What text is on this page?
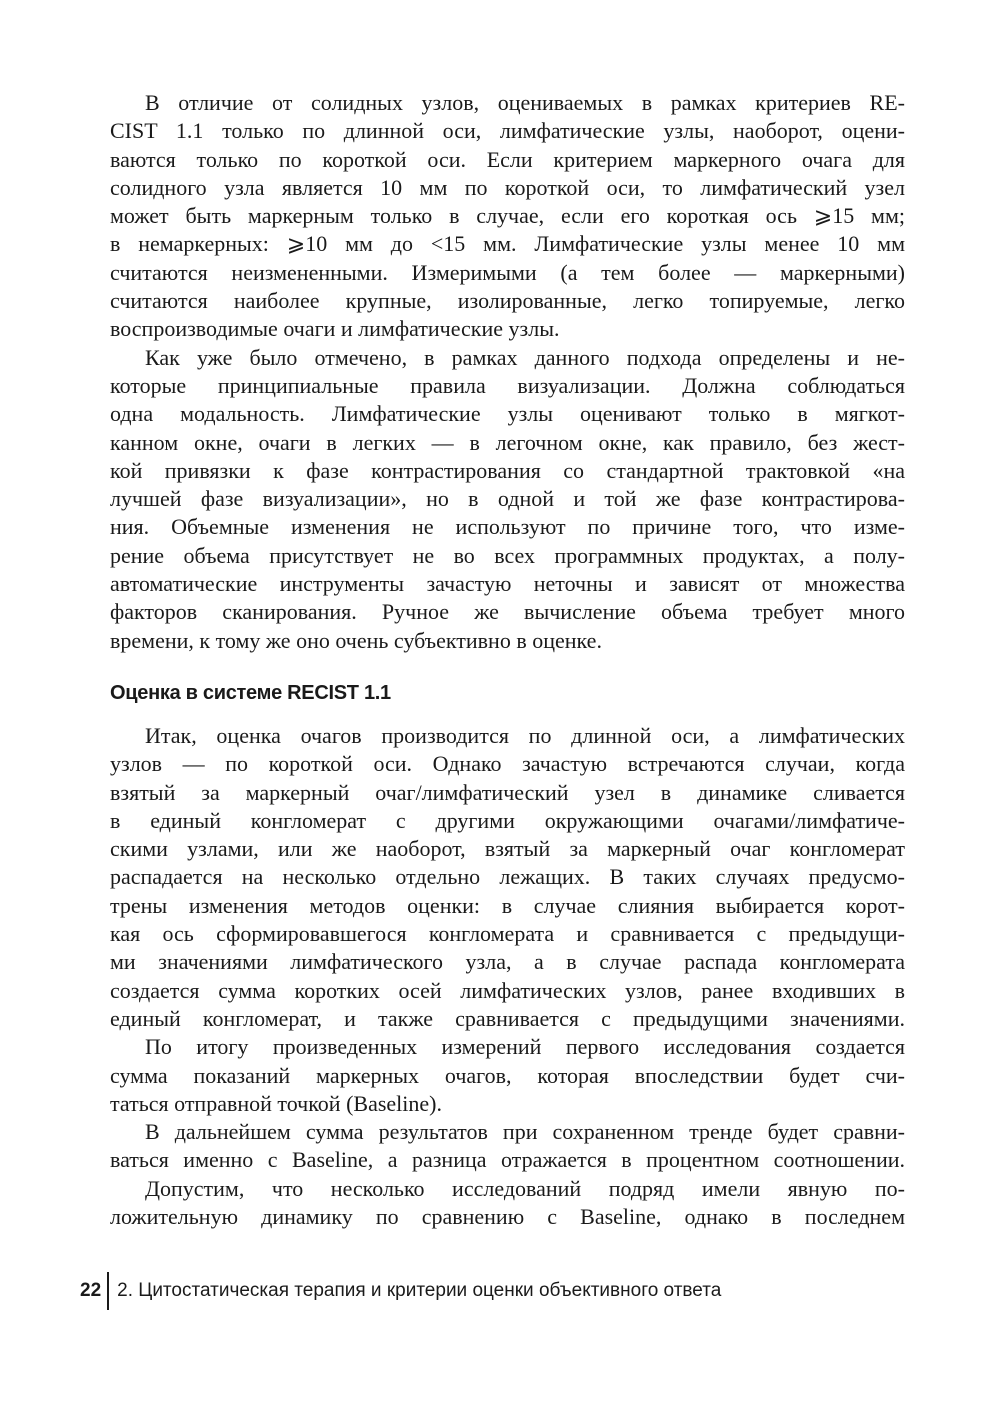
В отличие от солидных узлов, оцениваемых в рамках критериев RE-
CIST 1.1 только по длинной оси, лимфатические узлы, наоборот, оцени-
ваются только по короткой оси. Если критерием маркерного очага для
солидного узла является 10 мм по короткой оси, то лимфатический узел
может быть маркерным только в случае, если его короткая ось ⩾15 мм;
в немаркерных: ⩾10 мм до <15 мм. Лимфатические узлы менее 10 мм
считаются неизмененными. Измеримыми (а тем более — маркерными)
считаются наиболее крупные, изолированные, легко топируемые, легко
воспроизводимые очаги и лимфатические узлы.
Как уже было отмечено, в рамках данного подхода определены и не-
которые принципиальные правила визуализации. Должна соблюдаться
одна модальность. Лимфатические узлы оценивают только в мягкот-
канном окне, очаги в легких — в легочном окне, как правило, без жест-
кой привязки к фазе контрастирования со стандартной трактовкой «на
лучшей фазе визуализации», но в одной и той же фазе контрастирова-
ния. Объемные изменения не используют по причине того, что изме-
рение объема присутствует не во всех программных продуктах, а полу-
автоматические инструменты зачастую неточны и зависят от множества
факторов сканирования. Ручное же вычисление объема требует много
времени, к тому же оно очень субъективно в оценке.
Оценка в системе RECIST 1.1
Итак, оценка очагов производится по длинной оси, а лимфатических
узлов — по короткой оси. Однако зачастую встречаются случаи, когда
взятый за маркерный очаг/лимфатический узел в динамике сливается
в единый конгломерат с другими окружающими очагами/лимфатиче-
скими узлами, или же наоборот, взятый за маркерный очаг конгломерат
распадается на несколько отдельно лежащих. В таких случаях предусмо-
трены изменения методов оценки: в случае слияния выбирается корот-
кая ось сформировавшегося конгломерата и сравнивается с предыдущи-
ми значениями лимфатического узла, а в случае распада конгломерата
создается сумма коротких осей лимфатических узлов, ранее входивших в
единый конгломерат, и также сравнивается с предыдущими значениями.
По итогу произведенных измерений первого исследования создается
сумма показаний маркерных очагов, которая впоследствии будет счи-
таться отправной точкой (Baseline).
В дальнейшем сумма результатов при сохраненном тренде будет сравни-
ваться именно с Baseline, а разница отражается в процентном соотношении.
Допустим, что несколько исследований подряд имели явную по-
ложительную динамику по сравнению с Baseline, однако в последнем
22 2. Цитостатическая терапия и критерии оценки объективного ответа
